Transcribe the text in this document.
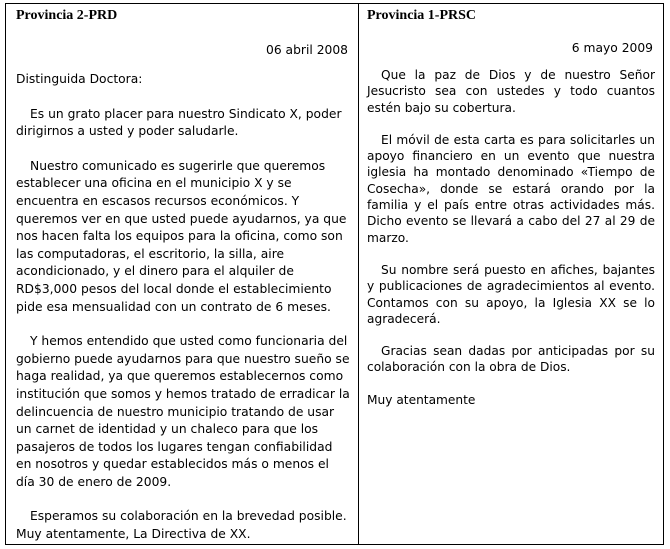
Provincia 2-PRD
06 abril 2008

Distinguida Doctora:

Es un grato placer para nuestro Sindicato X, poder dirigirnos a usted y poder saludarle.

Nuestro comunicado es sugerirle que queremos establecer una oficina en el municipio X y se encuentra en escasos recursos económicos. Y queremos ver en que usted puede ayudarnos, ya que nos hacen falta los equipos para la oficina, como son las computadoras, el escritorio, la silla, aire acondicionado, y el dinero para el alquiler de RD$3,000 pesos del local donde el establecimiento pide esa mensualidad con un contrato de 6 meses.

Y hemos entendido que usted como funcionaria del gobierno puede ayudarnos para que nuestro sueño se haga realidad, ya que queremos establecernos como institución que somos y hemos tratado de erradicar la delincuencia de nuestro municipio tratando de usar un carnet de identidad y un chaleco para que los pasajeros de todos los lugares tengan confiabilidad en nosotros y quedar establecidos más o menos el día 30 de enero de 2009.

Esperamos su colaboración en la brevedad posible.

Muy atentamente, La Directiva de XX.

Provincia 1-PRSC
6 mayo 2009

Que la paz de Dios y de nuestro Señor Jesucristo sea con ustedes y todo cuantos estén bajo su cobertura.

El móvil de esta carta es para solicitarles un apoyo financiero en un evento que nuestra iglesia ha montado denominado «Tiempo de Cosecha», donde se estará orando por la familia y el país entre otras actividades más. Dicho evento se llevará a cabo del 27 al 29 de marzo.

Su nombre será puesto en afiches, bajantes y publicaciones de agradecimientos al evento. Contamos con su apoyo, la Iglesia XX se lo agradecerá.

Gracias sean dadas por anticipadas por su colaboración con la obra de Dios.

Muy atentamente
